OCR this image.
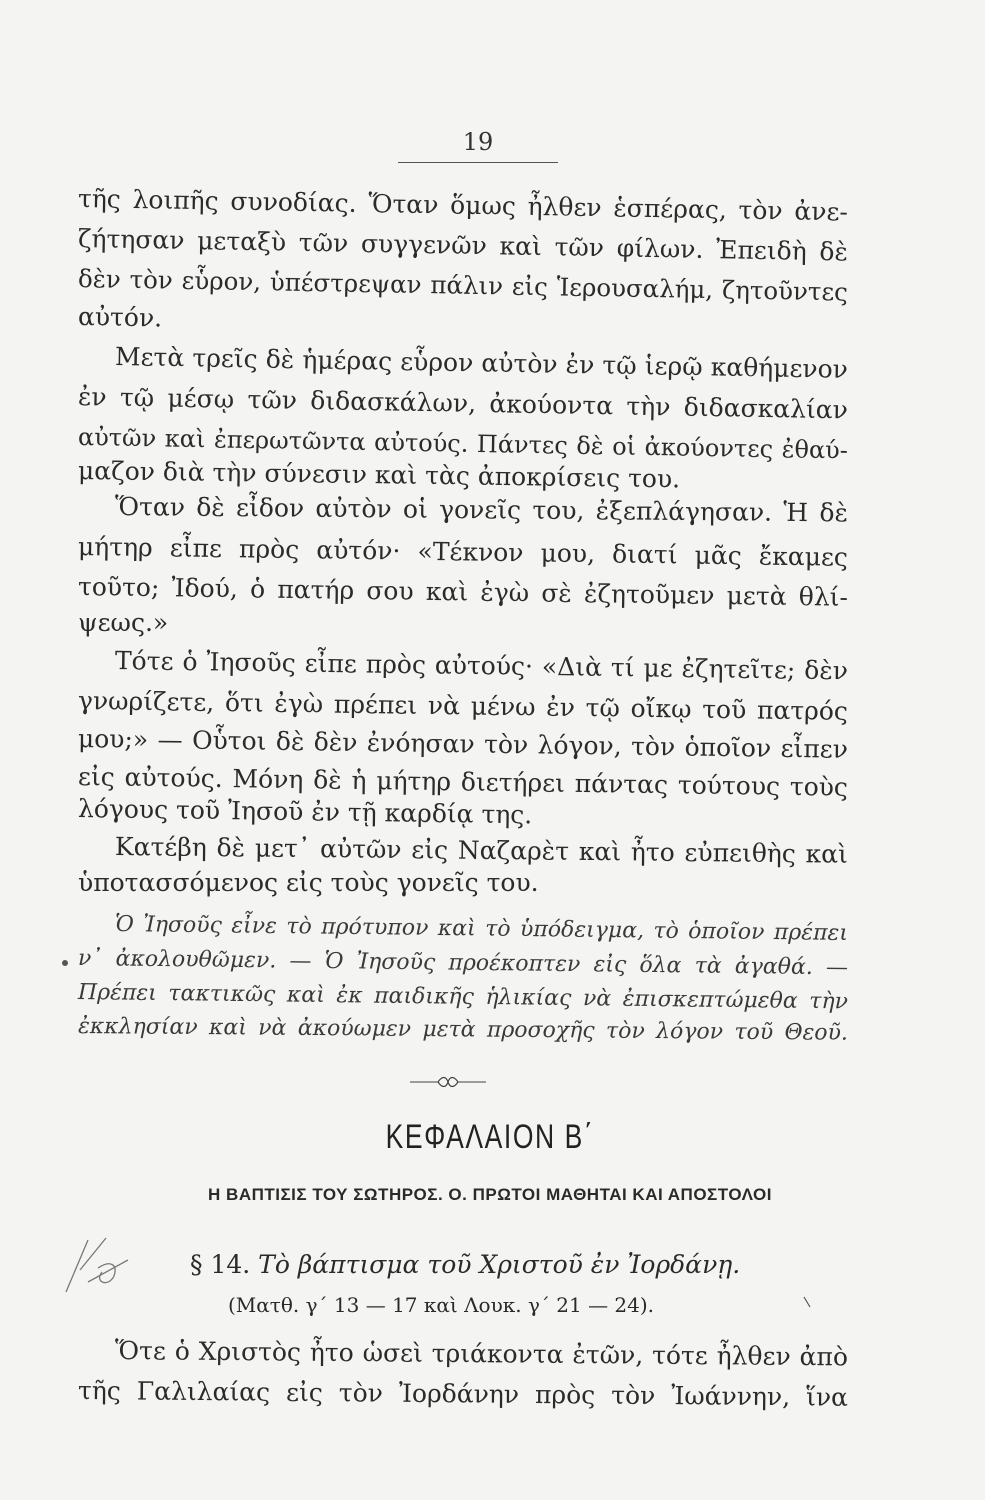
19
τῆς λοιπῆς συνοδίας. Ὅταν ὅμως ἦλθεν ἑσπέρας, τὸν ἀνε-
ζήτησαν μεταξὺ τῶν συγγενῶν καὶ τῶν φίλων. Ἐπειδὴ δὲ
δὲν τὸν εὗρον, ὑπέστρεψαν πάλιν εἰς Ἱερουσαλήμ, ζητοῦντες
αὐτόν.
Μετὰ τρεῖς δὲ ἡμέρας εὗρον αὐτὸν ἐν τῷ ἱερῷ καθήμενον
ἐν τῷ μέσῳ τῶν διδασκάλων, ἀκούοντα τὴν διδασκαλίαν
αὐτῶν καὶ ἐπερωτῶντα αὐτούς. Πάντες δὲ οἱ ἀκούοντες ἐθαύ-
μαζον διὰ τὴν σύνεσιν καὶ τὰς ἀποκρίσεις του.
Ὅταν δὲ εἶδον αὐτὸν οἱ γονεῖς του, ἐξεπλάγησαν. Ἡ δὲ
μήτηρ εἶπε πρὸς αὐτόν· «Τέκνον μου, διατί μᾶς ἔκαμες
τοῦτο; Ἰδού, ὁ πατήρ σου καὶ ἐγὼ σὲ ἐζητοῦμεν μετὰ θλί-
ψεως.»
Τότε ὁ Ἰησοῦς εἶπε πρὸς αὐτούς· «Διὰ τί με ἐζητεῖτε; δὲν
γνωρίζετε, ὅτι ἐγὼ πρέπει νὰ μένω ἐν τῷ οἴκῳ τοῦ πατρός
μου;» — Οὗτοι δὲ δὲν ἐνόησαν τὸν λόγον, τὸν ὁποῖον εἶπεν
εἰς αὐτούς. Μόνη δὲ ἡ μήτηρ διετήρει πάντας τούτους τοὺς
λόγους τοῦ Ἰησοῦ ἐν τῇ καρδίᾳ της.
Κατέβη δὲ μετ᾽ αὐτῶν εἰς Ναζαρὲτ καὶ ἦτο εὐπειθὴς καὶ
ὑποτασσόμενος εἰς τοὺς γονεῖς του.
Ὁ Ἰησοῦς εἶνε τὸ πρότυπον καὶ τὸ ὑπόδειγμα, τὸ ὁποῖον πρέπει
ν᾽ ἀκολουθῶμεν. — Ὁ Ἰησοῦς προέκοπτεν εἰς ὅλα τὰ ἀγαθά. —
Πρέπει τακτικῶς καὶ ἐκ παιδικῆς ἡλικίας νὰ ἐπισκεπτώμεθα τὴν
ἐκκλησίαν καὶ νὰ ἀκούωμεν μετὰ προσοχῆς τὸν λόγον τοῦ Θεοῦ.
ΚΕΦΑΛΑΙΟΝ Β΄
Η ΒΑΠΤΙΣΙΣ ΤΟΥ ΣΩΤΗΡΟΣ. Ο. ΠΡΩΤΟΙ ΜΑΘΗΤΑΙ ΚΑΙ ΑΠΟΣΤΟΛΟΙ
§ 14. Τὸ βάπτισμα τοῦ Χριστοῦ ἐν Ἰορδάνῃ.
(Ματθ. γ΄ 13 — 17 καὶ Λουκ. γ΄ 21 — 24).
Ὅτε ὁ Χριστὸς ἦτο ὡσεὶ τριάκοντα ἐτῶν, τότε ἦλθεν ἀπὸ
τῆς Γαλιλαίας εἰς τὸν Ἰορδάνην πρὸς τὸν Ἰωάννην, ἵνα
